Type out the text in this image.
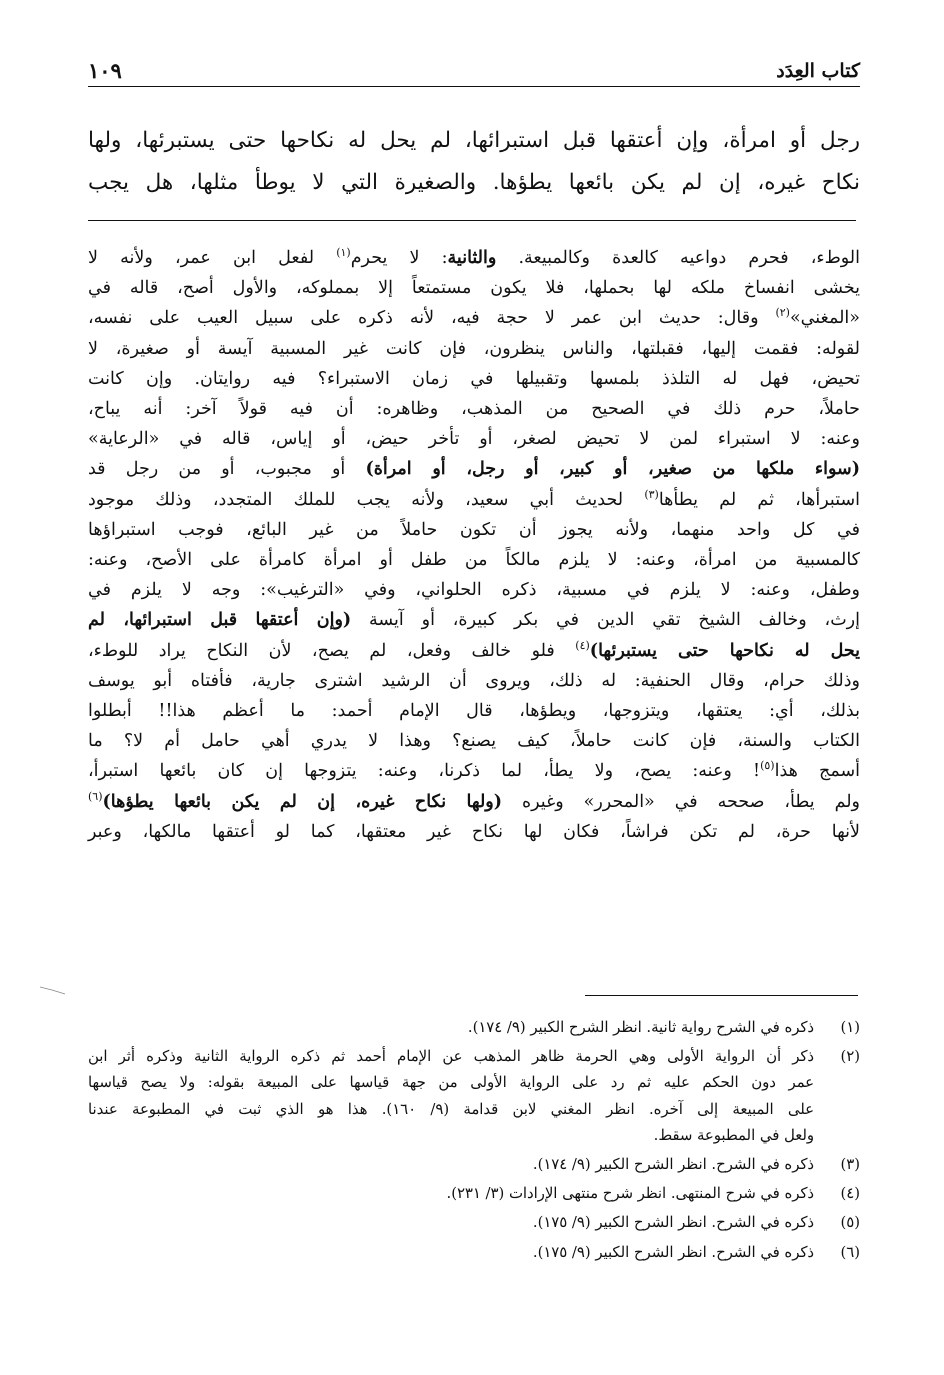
كتاب العِدَد
١٠٩
رجل أو امرأة، وإن أعتقها قبل استبرائها، لم يحل له نكاحها حتى يستبرئها، ولها
نكاح غيره، إن لم يكن بائعها يطؤها. والصغيرة التي لا يوطأ مثلها، هل يجب
الوطء، فحرم دواعيه كالعدة وكالمبيعة. والثانية: لا يحرم$^{(١)}$ لفعل ابن عمر، ولأنه لا
يخشى انفساخ ملكه لها بحملها، فلا يكون مستمتعاً إلا بمملوكه، والأول أصح، قاله في
«المغني»$^{(٢)}$ وقال: حديث ابن عمر لا حجة فيه، لأنه ذكره على سبيل العيب على نفسه،
لقوله: فقمت إليها، فقبلتها، والناس ينظرون، فإن كانت غير المسبية آيسة أو صغيرة، لا
تحيض، فهل له التلذذ بلمسها وتقبيلها في زمان الاستبراء؟ فيه روايتان. وإن كانت
حاملاً، حرم ذلك في الصحيح من المذهب، وظاهره: أن فيه قولاً آخر: أنه يباح،
وعنه: لا استبراء لمن لا تحيض لصغر، أو تأخر حيض، أو إياس، قاله في «الرعاية»
(سواء ملكها من صغير، أو كبير، أو رجل، أو امرأة) أو مجبوب، أو من رجل قد
استبرأها، ثم لم يطأها$^{(٣)}$ لحديث أبي سعيد، ولأنه يجب للملك المتجدد، وذلك موجود
في كل واحد منهما، ولأنه يجوز أن تكون حاملاً من غير البائع، فوجب استبراؤها
كالمسبية من امرأة، وعنه: لا يلزم مالكاً من طفل أو امرأة كامرأة على الأصح، وعنه:
وطفل، وعنه: لا يلزم في مسبية، ذكره الحلواني، وفي «الترغيب»: وجه لا يلزم في
إرث، وخالف الشيخ تقي الدين في بكر كبيرة، أو آيسة (وإن أعتقها قبل استبرائها، لم
يحل له نكاحها حتى يستبرئها)$^{(٤)}$ فلو خالف وفعل، لم يصح، لأن النكاح يراد للوطء،
وذلك حرام، وقال الحنفية: له ذلك، ويروى أن الرشيد اشترى جارية، فأفتاه أبو يوسف
بذلك، أي: يعتقها، ويتزوجها، ويطؤها، قال الإمام أحمد: ما أعظم هذا!! أبطلوا
الكتاب والسنة، فإن كانت حاملاً، كيف يصنع؟ وهذا لا يدري أهي حامل أم لا؟ ما
أسمج هذا$^{(٥)}$! وعنه: يصح، ولا يطأ، لما ذكرنا، وعنه: يتزوجها إن كان بائعها استبرأ،
ولم يطأ، صححه في «المحرر» وغيره (ولها نكاح غيره، إن لم يكن بائعها يطؤها)$^{(٦)}$
لأنها حرة، لم تكن فراشاً، فكان لها نكاح غير معتقها، كما لو أعتقها مالكها، وعبر
(١)
ذكره في الشرح رواية ثانية. انظر الشرح الكبير (٩/ ١٧٤).
(٢)
ذكر أن الرواية الأولى وهي الحرمة ظاهر المذهب عن الإمام أحمد ثم ذكره الرواية الثانية وذكره أثر ابن
عمر دون الحكم عليه ثم رد على الرواية الأولى من جهة قياسها على المبيعة بقوله: ولا يصح قياسها
على المبيعة إلى آخره. انظر المغني لابن قدامة (٩/ ١٦٠). هذا هو الذي ثبت في المطبوعة عندنا
ولعل في المطبوعة سقط.
(٣)
ذكره في الشرح. انظر الشرح الكبير (٩/ ١٧٤).
(٤)
ذكره في شرح المنتهى. انظر شرح منتهى الإرادات (٣/ ٢٣١).
(٥)
ذكره في الشرح. انظر الشرح الكبير (٩/ ١٧٥).
(٦)
ذكره في الشرح. انظر الشرح الكبير (٩/ ١٧٥).
